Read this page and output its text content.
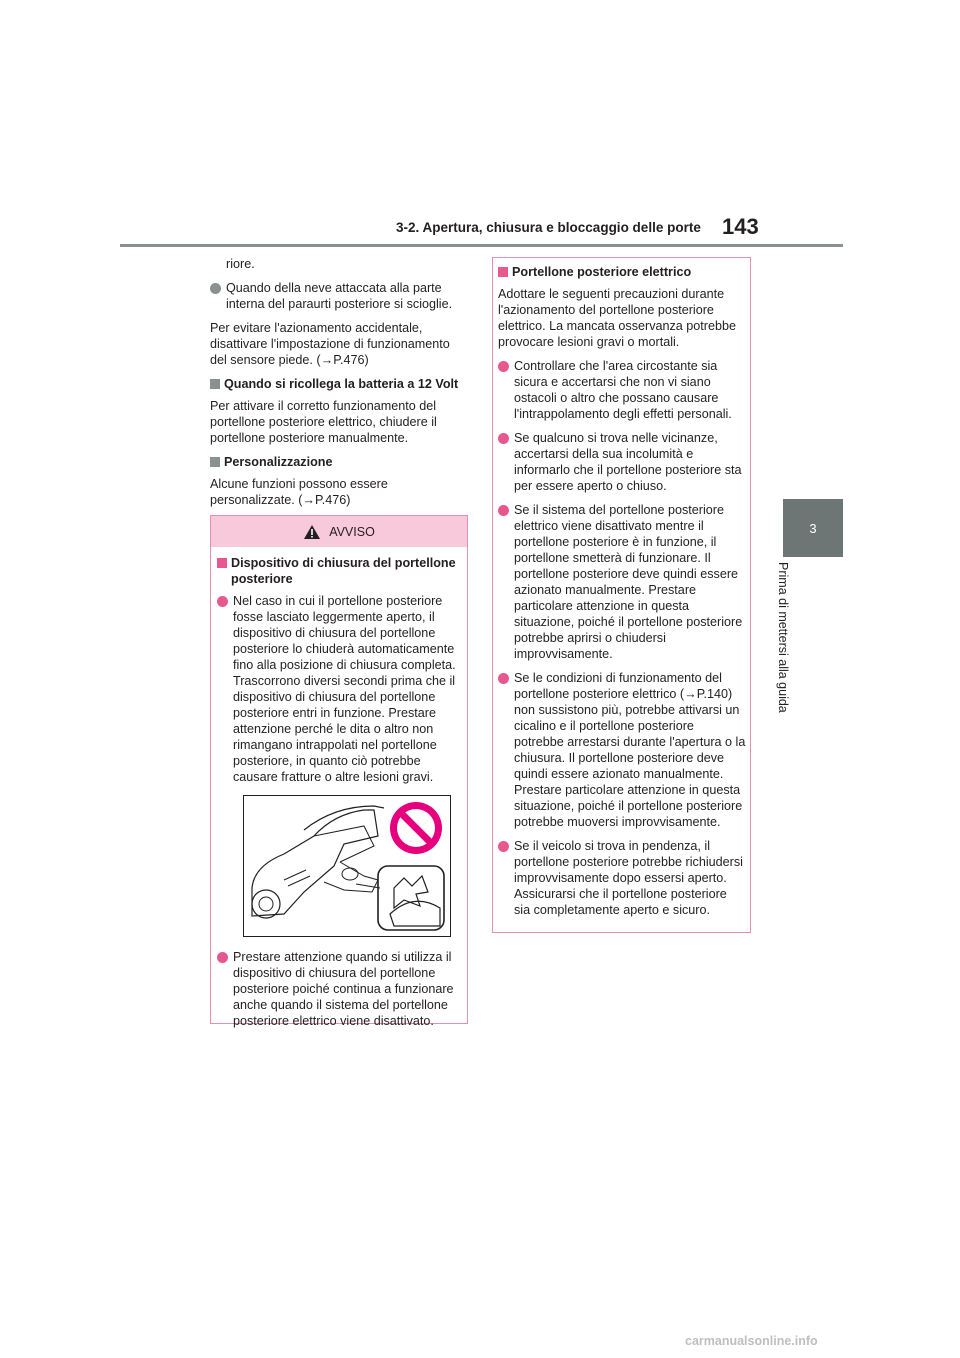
3-2. Apertura, chiusura e bloccaggio delle porte 143
3
Prima di mettersi alla guida

riore.

Quando della neve attaccata alla parte interna del paraurti posteriore si scioglie.

Per evitare l'azionamento accidentale, disattivare l'impostazione di funzionamento del sensore piede. (→P.476)

Quando si ricollega la batteria a 12 Volt

Per attivare il corretto funzionamento del portellone posteriore elettrico, chiudere il portellone posteriore manualmente.

Personalizzazione

Alcune funzioni possono essere personalizzate. (→P.476)

AVVISO
Dispositivo di chiusura del portellone posteriore
Nel caso in cui il portellone posteriore fosse lasciato leggermente aperto, il dispositivo di chiusura del portellone posteriore lo chiuderà automaticamente fino alla posizione di chiusura completa. Trascorrono diversi secondi prima che il dispositivo di chiusura del portellone posteriore entri in funzione. Prestare attenzione perché le dita o altro non rimangano intrappolati nel portellone posteriore, in quanto ciò potrebbe causare fratture o altre lesioni gravi.
Prestare attenzione quando si utilizza il dispositivo di chiusura del portellone posteriore poiché continua a funzionare anche quando il sistema del portellone posteriore elettrico viene disattivato.
Portellone posteriore elettrico

Adottare le seguenti precauzioni durante l'azionamento del portellone posteriore elettrico. La mancata osservanza potrebbe provocare lesioni gravi o mortali.

Controllare che l'area circostante sia sicura e accertarsi che non vi siano ostacoli o altro che possano causare l'intrappolamento degli effetti personali.
Se qualcuno si trova nelle vicinanze, accertarsi della sua incolumità e informarlo che il portellone posteriore sta per essere aperto o chiuso.
Se il sistema del portellone posteriore elettrico viene disattivato mentre il portellone posteriore è in funzione, il portellone smetterà di funzionare. Il portellone posteriore deve quindi essere azionato manualmente. Prestare particolare attenzione in questa situazione, poiché il portellone posteriore potrebbe aprirsi o chiudersi improvvisamente.
Se le condizioni di funzionamento del portellone posteriore elettrico (→P.140) non sussistono più, potrebbe attivarsi un cicalino e il portellone posteriore potrebbe arrestarsi durante l'apertura o la chiusura. Il portellone posteriore deve quindi essere azionato manualmente. Prestare particolare attenzione in questa situazione, poiché il portellone posteriore potrebbe muoversi improvvisamente.
Se il veicolo si trova in pendenza, il portellone posteriore potrebbe richiudersi improvvisamente dopo essersi aperto. Assicurarsi che il portellone posteriore sia completamente aperto e sicuro.
carmanualsonline.info
